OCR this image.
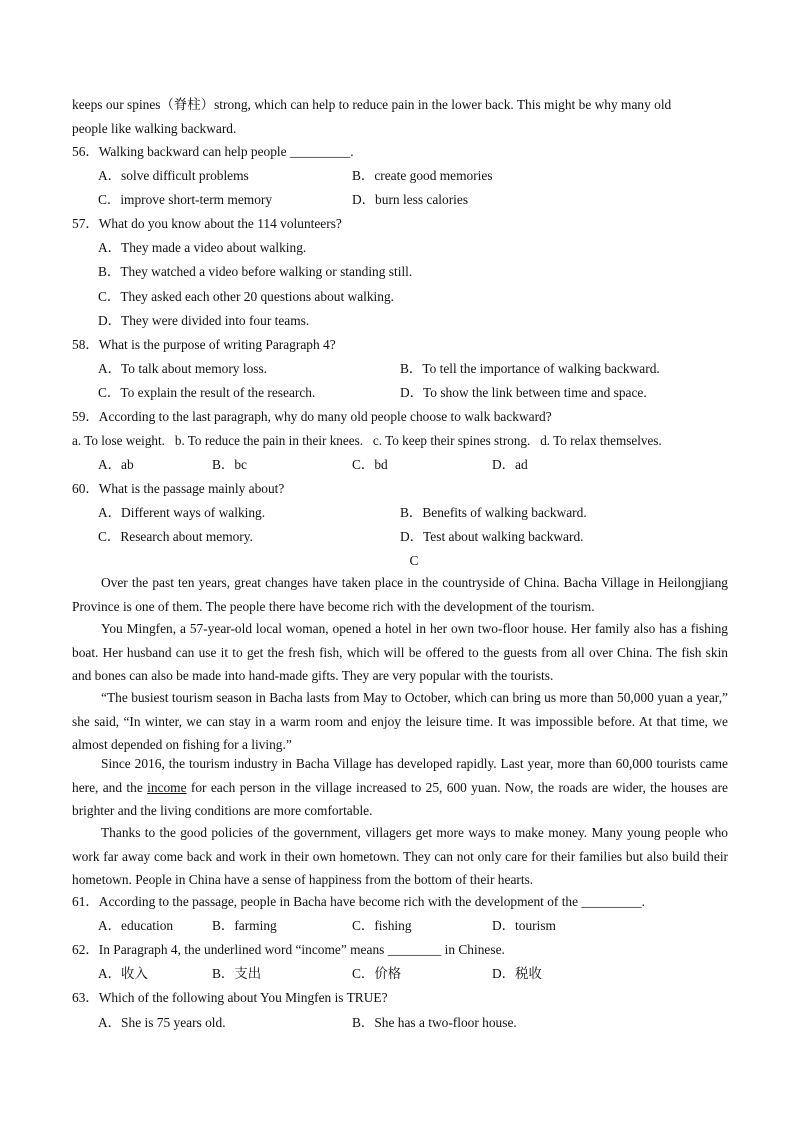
keeps our spines（脊柱）strong, which can help to reduce pain in the lower back. This might be why many old
people like walking backward.
56．Walking backward can help people _________.
A．solve difficult problems	B．create good memories
C．improve short-term memory	D．burn less calories
57．What do you know about the 114 volunteers?
A．They made a video about walking.
B．They watched a video before walking or standing still.
C．They asked each other 20 questions about walking.
D．They were divided into four teams.
58．What is the purpose of writing Paragraph 4?
A．To talk about memory loss.	B．To tell the importance of walking backward.
C．To explain the result of the research.	D．To show the link between time and space.
59．According to the last paragraph, why do many old people choose to walk backward?
a. To lose weight.   b. To reduce the pain in their knees.   c. To keep their spines strong.   d. To relax themselves.
A．ab	B．bc	C．bd	D．ad
60．What is the passage mainly about?
A．Different ways of walking.	B．Benefits of walking backward.
C．Research about memory.	D．Test about walking backward.
C
Over the past ten years, great changes have taken place in the countryside of China. Bacha Village in Heilongjiang Province is one of them. The people there have become rich with the development of the tourism.
You Mingfen, a 57-year-old local woman, opened a hotel in her own two-floor house. Her family also has a fishing boat. Her husband can use it to get the fresh fish, which will be offered to the guests from all over China. The fish skin and bones can also be made into hand-made gifts. They are very popular with the tourists.
“The busiest tourism season in Bacha lasts from May to October, which can bring us more than 50,000 yuan a year,” she said, “In winter, we can stay in a warm room and enjoy the leisure time. It was impossible before. At that time, we almost depended on fishing for a living.”
Since 2016, the tourism industry in Bacha Village has developed rapidly. Last year, more than 60,000 tourists came here, and the income for each person in the village increased to 25, 600 yuan. Now, the roads are wider, the houses are brighter and the living conditions are more comfortable.
Thanks to the good policies of the government, villagers get more ways to make money. Many young people who work far away come back and work in their own hometown. They can not only care for their families but also build their hometown. People in China have a sense of happiness from the bottom of their hearts.
61．According to the passage, people in Bacha have become rich with the development of the _________.
A．education	B．farming	C．fishing	D．tourism
62．In Paragraph 4, the underlined word “income” means ________ in Chinese.
A．收入	B．支出	C．价格	D．税收
63．Which of the following about You Mingfen is TRUE?
A．She is 75 years old.	B．She has a two-floor house.
